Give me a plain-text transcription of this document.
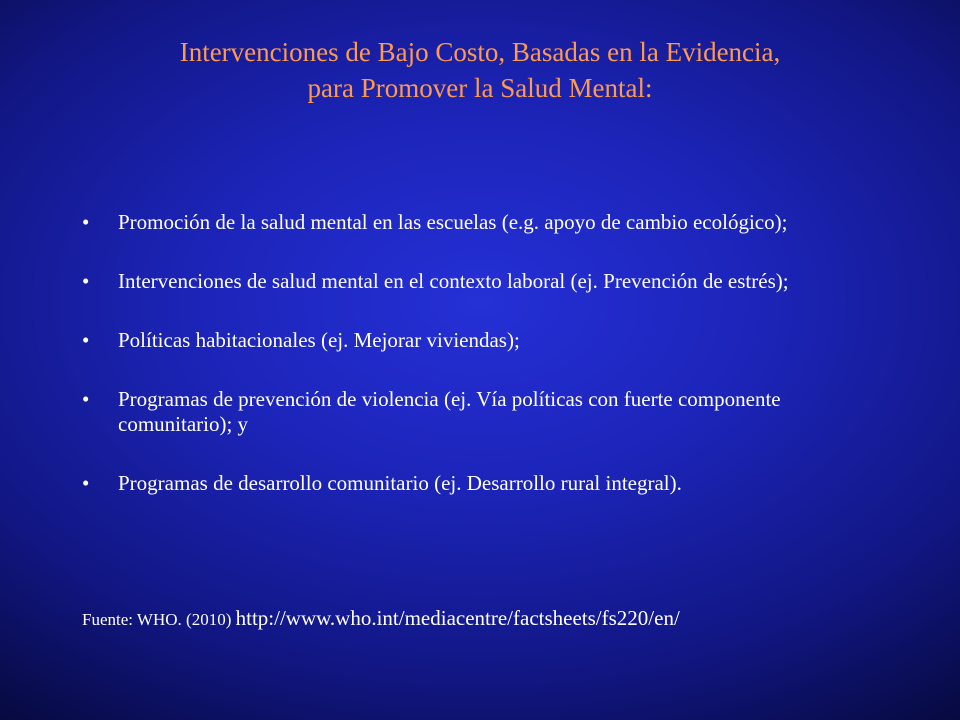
Intervenciones de Bajo Costo, Basadas en la Evidencia,
para Promover la Salud Mental:
• Promoción de la salud mental en las escuelas (e.g. apoyo de cambio ecológico);
• Intervenciones de salud mental en el contexto laboral (ej. Prevención de estrés);
• Políticas habitacionales (ej. Mejorar viviendas);
• Programas de prevención de violencia (ej. Vía políticas con fuerte componente comunitario); y
• Programas de desarrollo comunitario (ej. Desarrollo rural integral).
Fuente: WHO. (2010) http://www.who.int/mediacentre/factsheets/fs220/en/
